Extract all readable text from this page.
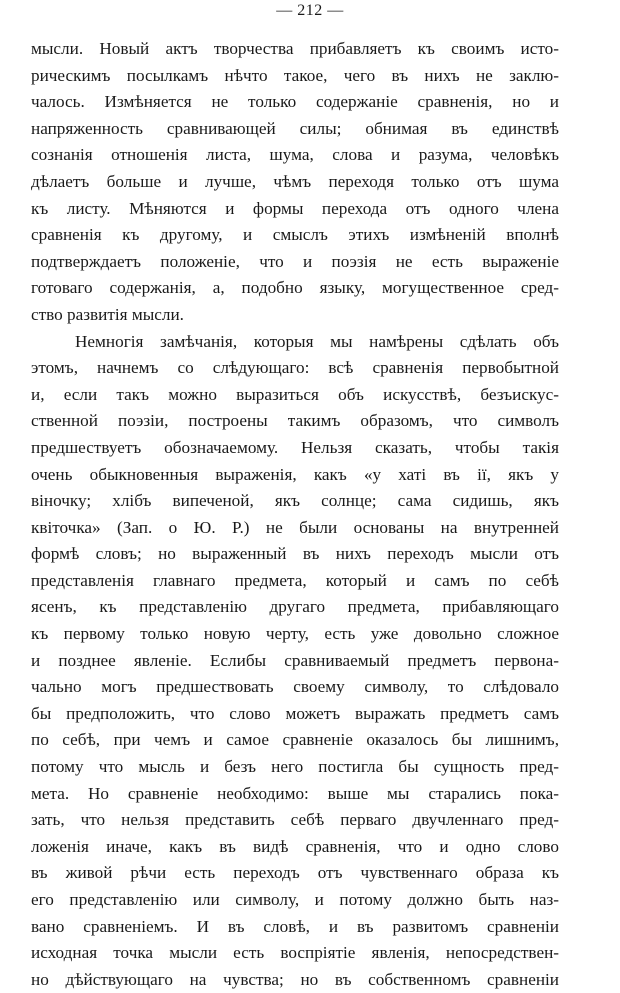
— 212 —
мысли. Новый актъ творчества прибавляетъ къ своимъ исто-
рическимъ посылкамъ нѣчто такое, чего въ нихъ не заклю-
чалось. Измѣняется не только содержаніе сравненія, но и
напряженность сравнивающей силы; обнимая въ единствѣ
сознанія отношенія листа, шума, слова и разума, человѣкъ
дѣлаетъ больше и лучше, чѣмъ переходя только отъ шума
къ листу. Мѣняются и формы перехода отъ одного члена
сравненія къ другому, и смыслъ этихъ измѣненій вполнѣ
подтверждаетъ положеніе, что и поэзія не есть выраженіе
готоваго содержанія, а, подобно языку, могущественное сред-
ство развитія мысли.
Немногія замѣчанія, которыя мы намѣрены сдѣлать объ
этомъ, начнемъ со слѣдующаго: всѣ сравненія первобытной
и, если такъ можно выразиться объ искусствѣ, безъискус-
ственной поэзіи, построены такимъ образомъ, что символъ
предшествуетъ обозначаемому. Нельзя сказать, чтобы такія
очень обыкновенныя выраженія, какъ «у хаті въ ії, якъ у
віночку; хлібъ випеченой, якъ солнце; сама сидишь, якъ
квіточка» (Зап. о Ю. Р.) не были основаны на внутренней
формѣ словъ; но выраженный въ нихъ переходъ мысли отъ
представленія главнаго предмета, который и самъ по себѣ
ясенъ, къ представленію другаго предмета, прибавляющаго
къ первому только новую черту, есть уже довольно сложное
и позднее явленіе. Еслибы сравниваемый предметъ первона-
чально могъ предшествовать своему символу, то слѣдовало
бы предположить, что слово можетъ выражать предметъ самъ
по себѣ, при чемъ и самое сравненіе оказалось бы лишнимъ,
потому что мысль и безъ него постигла бы сущность пред-
мета. Но сравненіе необходимо: выше мы старались пока-
зать, что нельзя представить себѣ перваго двучленнаго пред-
ложенія иначе, какъ въ видѣ сравненія, что и одно слово
въ живой рѣчи есть переходъ отъ чувственнаго образа къ
его представленію или символу, и потому должно быть наз-
вано сравненіемъ. И въ словѣ, и въ развитомъ сравненіи
исходная точка мысли есть воспріятіе явленія, непосредствен-
но дѣйствующаго на чувства; но въ собственномъ сравненіи
